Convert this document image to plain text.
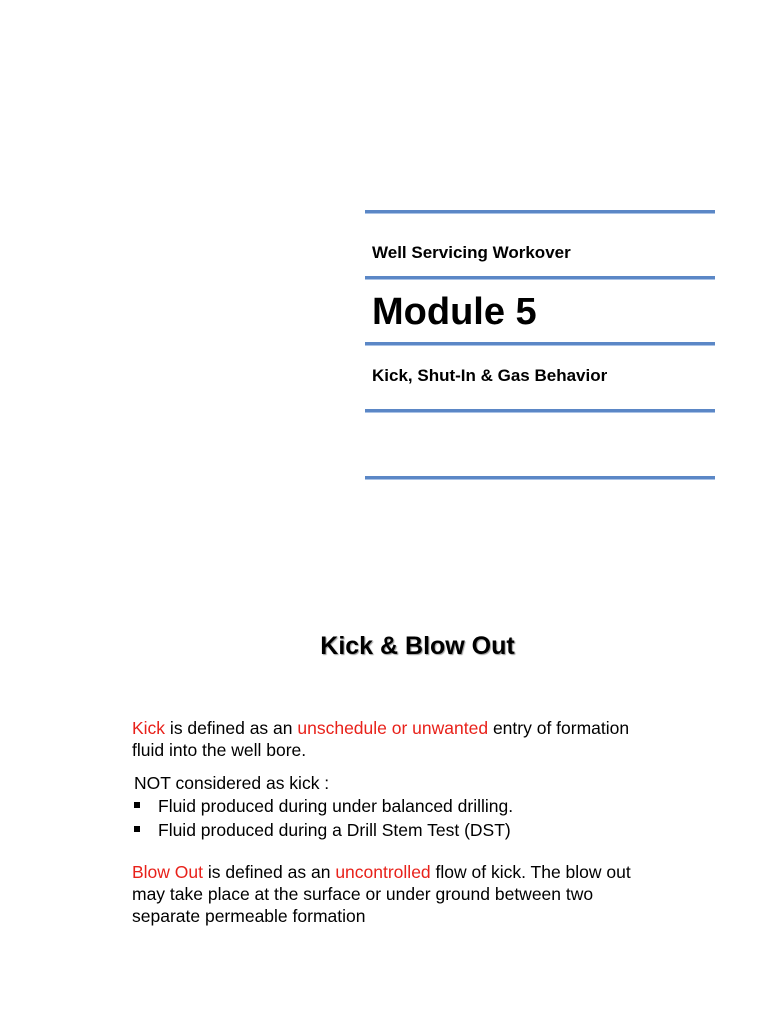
Well Servicing Workover
Module 5
Kick, Shut-In & Gas Behavior
Kick & Blow Out
Kick is defined as an unschedule or unwanted entry of formation
fluid into the well bore.
NOT considered as kick :
Fluid produced during under balanced drilling.
Fluid produced during a Drill Stem Test (DST)
Blow Out is defined as an uncontrolled flow of kick. The blow out
may take place at the surface or under ground between two
separate permeable formation
